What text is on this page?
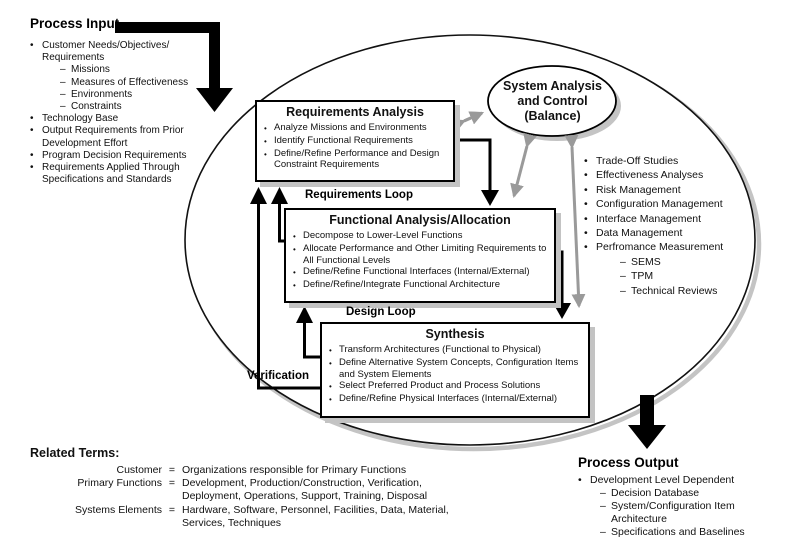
Process Input
• Customer Needs/Objectives/ Requirements
– Missions
– Measures of Effectiveness
– Environments
– Constraints
• Technology Base
• Output Requirements from Prior Development Effort
• Program Decision Requirements
• Requirements Applied Through Specifications and Standards
Requirements Analysis
• Analyze Missions and Environments
• Identify Functional Requirements
• Define/Refine Performance and Design Constraint Requirements
Functional Analysis/Allocation
• Decompose to Lower-Level Functions
• Allocate Performance and Other Limiting Requirements to All Functional Levels
• Define/Refine Functional Interfaces (Internal/External)
• Define/Refine/Integrate Functional Architecture
Synthesis
• Transform Architectures (Functional to Physical)
• Define Alternative System Concepts, Configuration Items and System Elements
• Select Preferred Product and Process Solutions
• Define/Refine Physical Interfaces (Internal/External)
Requirements Loop
Design Loop
Verification
System Analysis
and Control
(Balance)
• Trade-Off Studies
• Effectiveness Analyses
• Risk Management
• Configuration Management
• Interface Management
• Data Management
• Perfromance Measurement
– SEMS
– TPM
– Technical Reviews
Process Output
• Development Level Dependent
– Decision Database
– System/Configuration Item Architecture
– Specifications and Baselines
Related Terms:
Customer = Organizations responsible for Primary Functions
Primary Functions = Development, Production/Construction, Verification, Deployment, Operations, Support, Training, Disposal
Systems Elements = Hardware, Software, Personnel, Facilities, Data, Material, Services, Techniques
